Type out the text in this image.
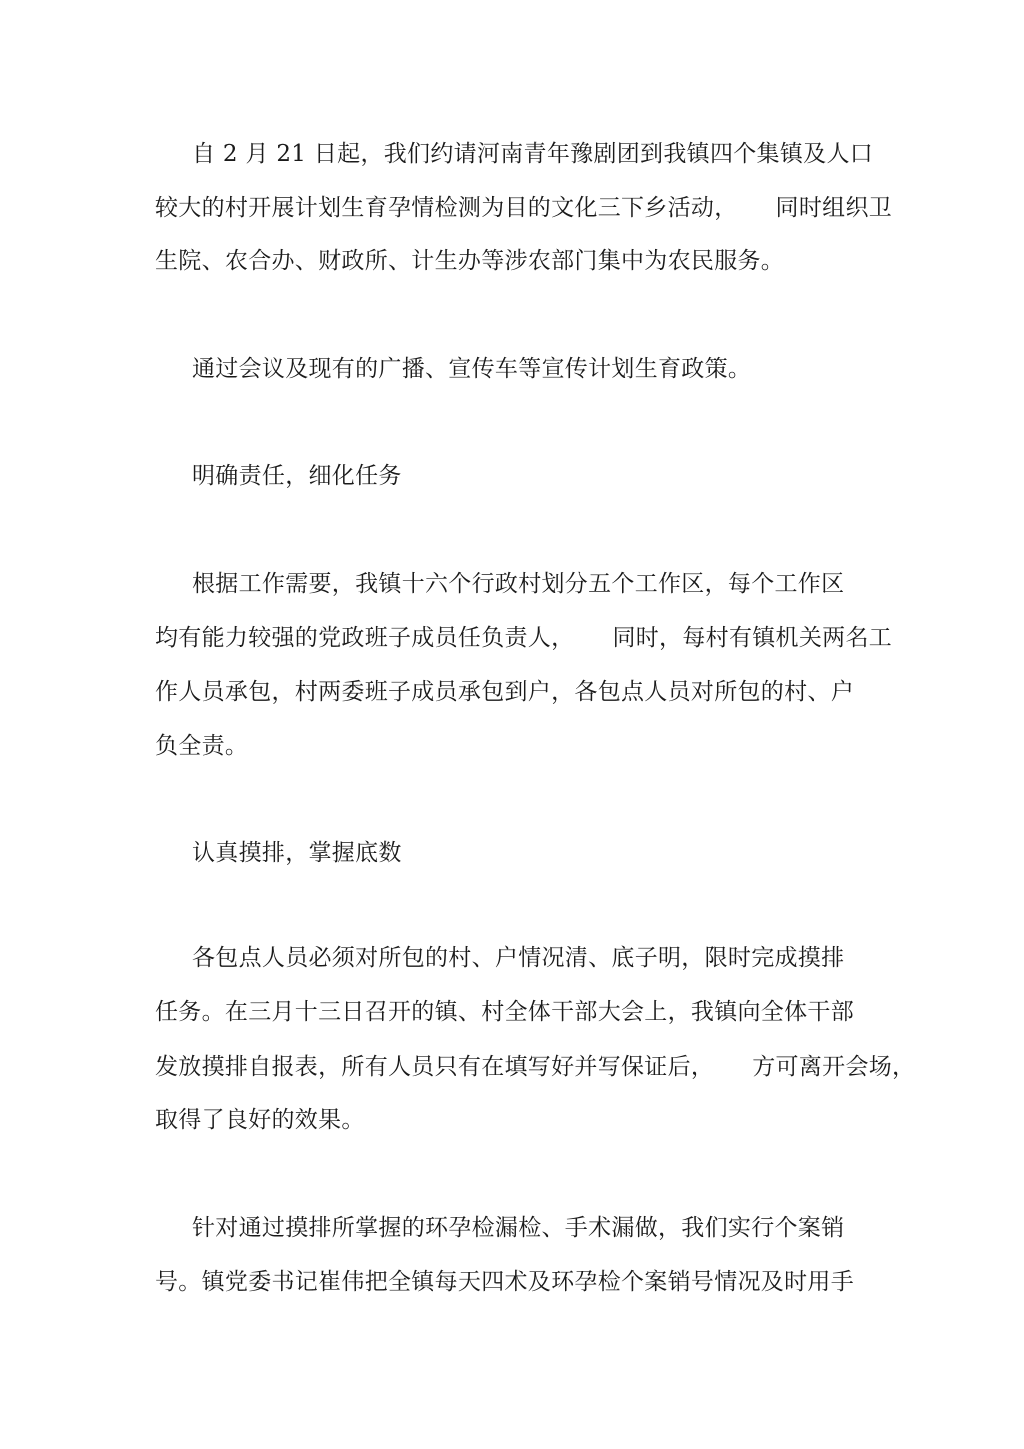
自 2 月 21 日起，我们约请河南青年豫剧团到我镇四个集镇及人口
较大的村开展计划生育孕情检测为目的文化三下乡活动，     同时组织卫
生院、农合办、财政所、计生办等涉农部门集中为农民服务。
通过会议及现有的广播、宣传车等宣传计划生育政策。
明确责任，细化任务
根据工作需要，我镇十六个行政村划分五个工作区，每个工作区
均有能力较强的党政班子成员任负责人，     同时，每村有镇机关两名工
作人员承包，村两委班子成员承包到户，各包点人员对所包的村、户
负全责。
认真摸排，掌握底数
各包点人员必须对所包的村、户情况清、底子明，限时完成摸排
任务。在三月十三日召开的镇、村全体干部大会上，我镇向全体干部
发放摸排自报表，所有人员只有在填写好并写保证后，     方可离开会场，
取得了良好的效果。
针对通过摸排所掌握的环孕检漏检、手术漏做，我们实行个案销
号。镇党委书记崔伟把全镇每天四术及环孕检个案销号情况及时用手
